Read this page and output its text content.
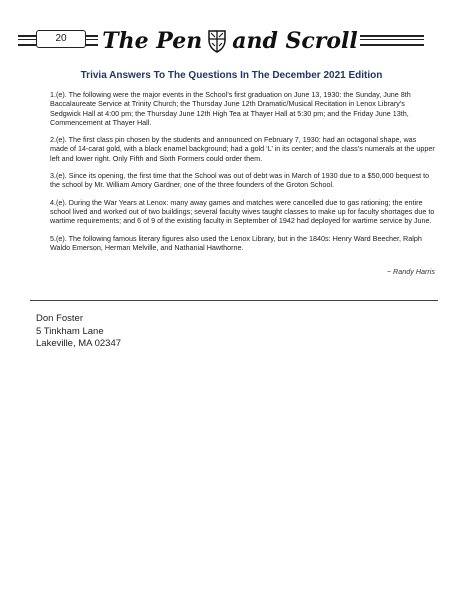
20	The Pen and Scroll
Trivia Answers To The Questions In The December 2021 Edition

1.(e). The following were the major events in the School’s first graduation on June 13, 1930: the Sunday, June 8th Baccalaureate Service at Trinity Church; the Thursday June 12th Dramatic/Musical Recitation in Lenox Library’s Sedgwick Hall at 4:00 pm; the Thursday June 12th High Tea at Thayer Hall at 5:30 pm; and the Friday June 13th, Commencement at Thayer Hall.

2.(e). The first class pin chosen by the students and announced on February 7, 1930: had an octagonal shape, was made of 14-carat gold, with a black enamel background; had a gold ‘L’ in its center; and the class’s numerals at the upper left and lower right. Only Fifth and Sixth Formers could order them.

3.(e). Since its opening, the first time that the School was out of debt was in March of 1930 due to a $50,000 bequest to the school by Mr. William Amory Gardner, one of the three founders of the Groton School.

4.(e). During the War Years at Lenox: many away games and matches were cancelled due to gas rationing; the entire school lived and worked out of two buildings; several faculty wives taught classes to make up for faculty shortages due to wartime requirements; and 6 of 9 of the existing faculty in September of 1942 had deployed for wartime service by June.

5.(e). The following famous literary figures also used the Lenox Library, but in the 1840s: Henry Ward Beecher, Ralph Waldo Emerson, Herman Melville, and Nathanial Hawthorne.

~ Randy Harris
Don Foster
5 Tinkham Lane
Lakeville, MA 02347
